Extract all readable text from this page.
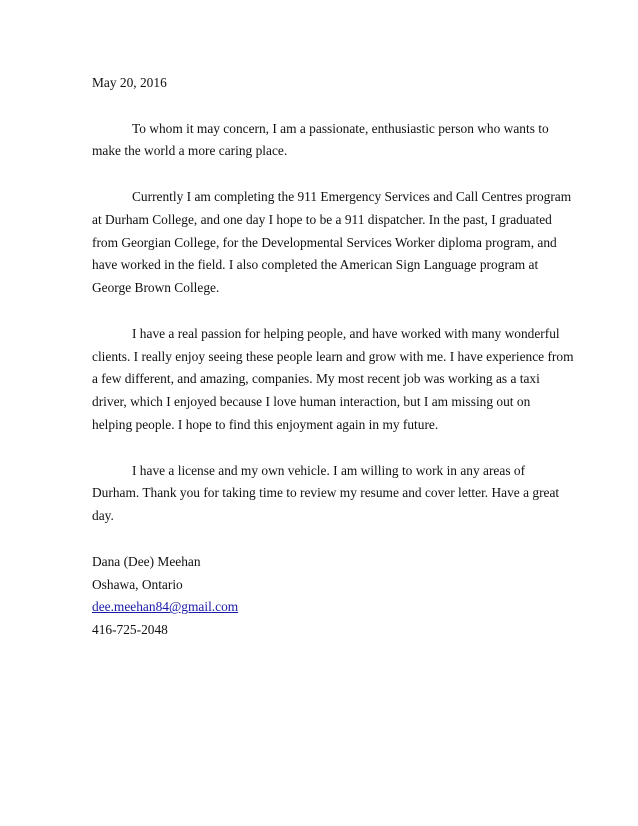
May 20, 2016
To whom it may concern, I am a passionate, enthusiastic person who wants to
make the world a more caring place.
Currently I am completing the 911 Emergency Services and Call Centres program
at Durham College, and one day I hope to be a 911 dispatcher. In the past, I graduated
from Georgian College, for the Developmental Services Worker diploma program, and
have worked in the field. I also completed the American Sign Language program at
George Brown College.
I have a real passion for helping people, and have worked with many wonderful
clients. I really enjoy seeing these people learn and grow with me. I have experience from
a few different, and amazing, companies. My most recent job was working as a taxi
driver, which I enjoyed because I love human interaction, but I am missing out on
helping people. I hope to find this enjoyment again in my future.
I have a license and my own vehicle. I am willing to work in any areas of
Durham. Thank you for taking time to review my resume and cover letter. Have a great
day.
Dana (Dee) Meehan
Oshawa, Ontario
dee.meehan84@gmail.com
416-725-2048
